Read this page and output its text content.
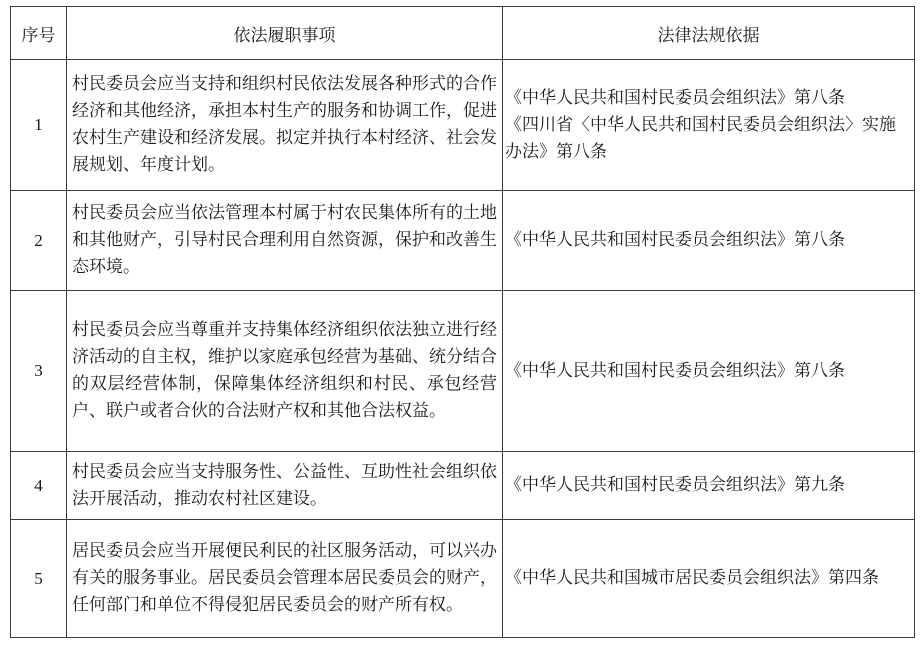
序号	依法履职事项	法律法规依据
1	村民委员会应当支持和组织村民依法发展各种形式的合作经济和其他经济，承担本村生产的服务和协调工作，促进农村生产建设和经济发展。拟定并执行本村经济、社会发展规划、年度计划。	《中华人民共和国村民委员会组织法》第八条
《四川省〈中华人民共和国村民委员会组织法〉实施办法》第八条

2	村民委员会应当依法管理本村属于村农民集体所有的土地和其他财产，引导村民合理利用自然资源，保护和改善生态环境。	《中华人民共和国村民委员会组织法》第八条

3	村民委员会应当尊重并支持集体经济组织依法独立进行经济活动的自主权，维护以家庭承包经营为基础、统分结合的双层经营体制，保障集体经济组织和村民、承包经营户、联户或者合伙的合法财产权和其他合法权益。	《中华人民共和国村民委员会组织法》第八条

4	村民委员会应当支持服务性、公益性、互助性社会组织依法开展活动，推动农村社区建设。	《中华人民共和国村民委员会组织法》第九条

5	居民委员会应当开展便民利民的社区服务活动，可以兴办有关的服务事业。居民委员会管理本居民委员会的财产，任何部门和单位不得侵犯居民委员会的财产所有权。	《中华人民共和国城市居民委员会组织法》第四条
